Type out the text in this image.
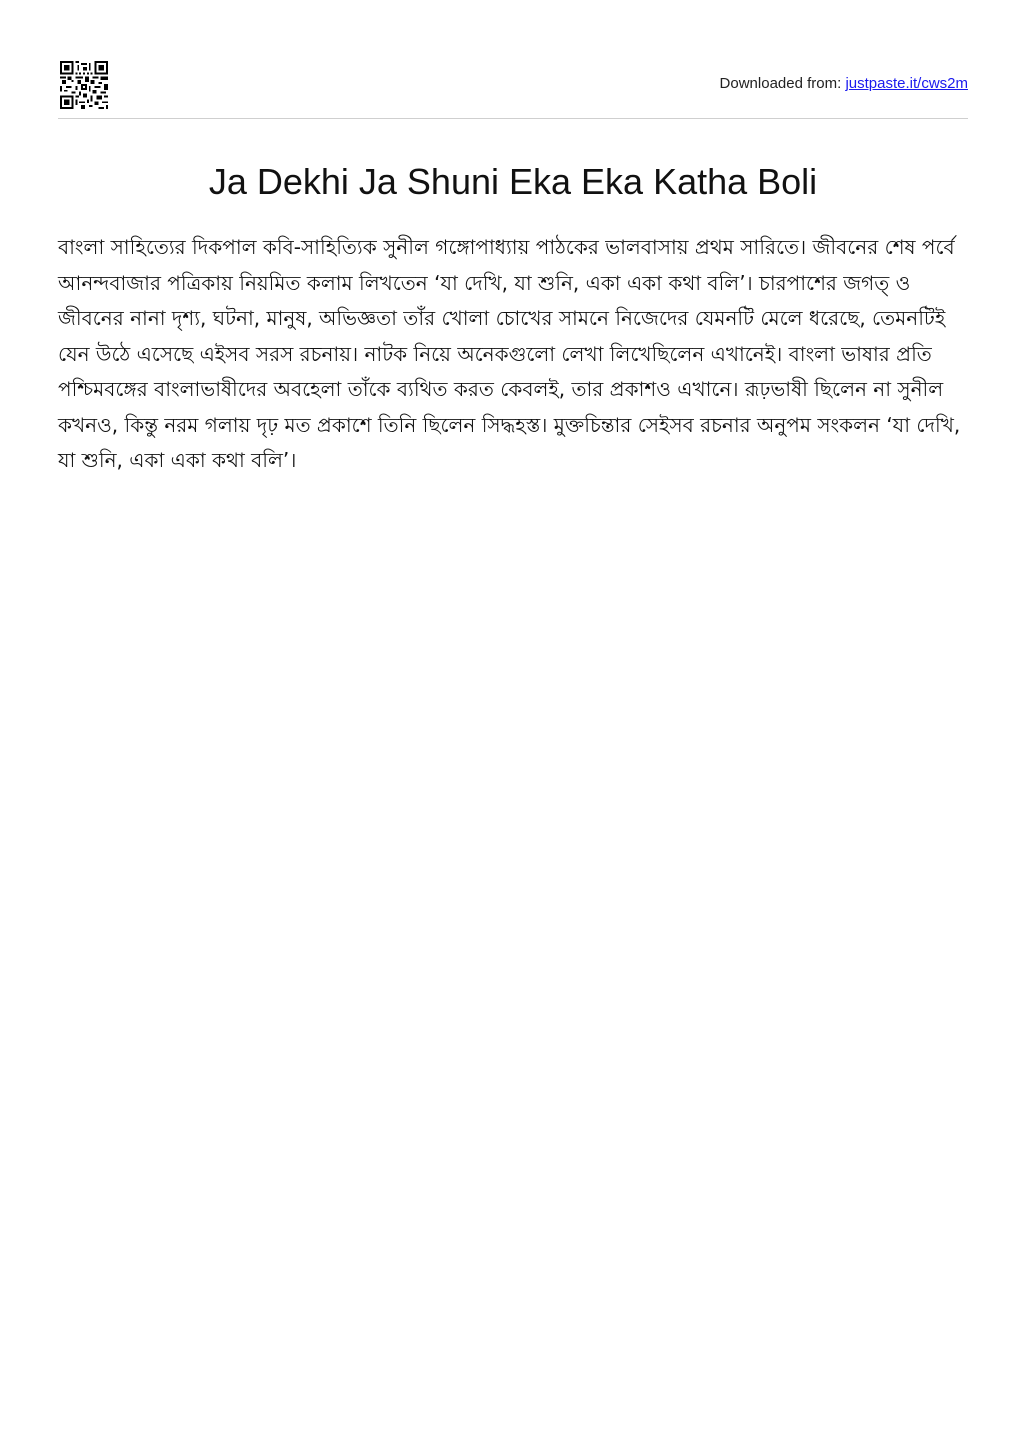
Downloaded from: justpaste.it/cws2m
Ja Dekhi Ja Shuni Eka Eka Katha Boli

বাংলা সাহিত্যের দিকপাল কবি-সাহিত্যিক সুনীল গঙ্গোপাধ্যায় পাঠকের ভালবাসায় প্রথম সারিতে। জীবনের শেষ পর্বে আনন্দবাজার পত্রিকায় নিয়মিত কলাম লিখতেন ‘যা দেখি, যা শুনি, একা একা কথা বলি’। চারপাশের জগত্‍ ও জীবনের নানা দৃশ্য, ঘটনা, মানুষ, অভিজ্ঞতা তাঁর খোলা চোখের সামনে নিজেদের যেমনটি মেলে ধরেছে, তেমনটিই যেন উঠে এসেছে এইসব সরস রচনায়। নাটক নিয়ে অনেকগুলো লেখা লিখেছিলেন এখানেই। বাংলা ভাষার প্রতি পশ্চিমবঙ্গের বাংলাভাষীদের অবহেলা তাঁকে ব্যথিত করত কেবলই, তার প্রকাশও এখানে। রূঢ়ভাষী ছিলেন না সুনীল কখনও, কিন্তু নরম গলায় দৃঢ় মত প্রকাশে তিনি ছিলেন সিদ্ধহস্ত। মুক্তচিন্তার সেইসব রচনার অনুপম সংকলন ‘যা দেখি, যা শুনি, একা একা কথা বলি’।
